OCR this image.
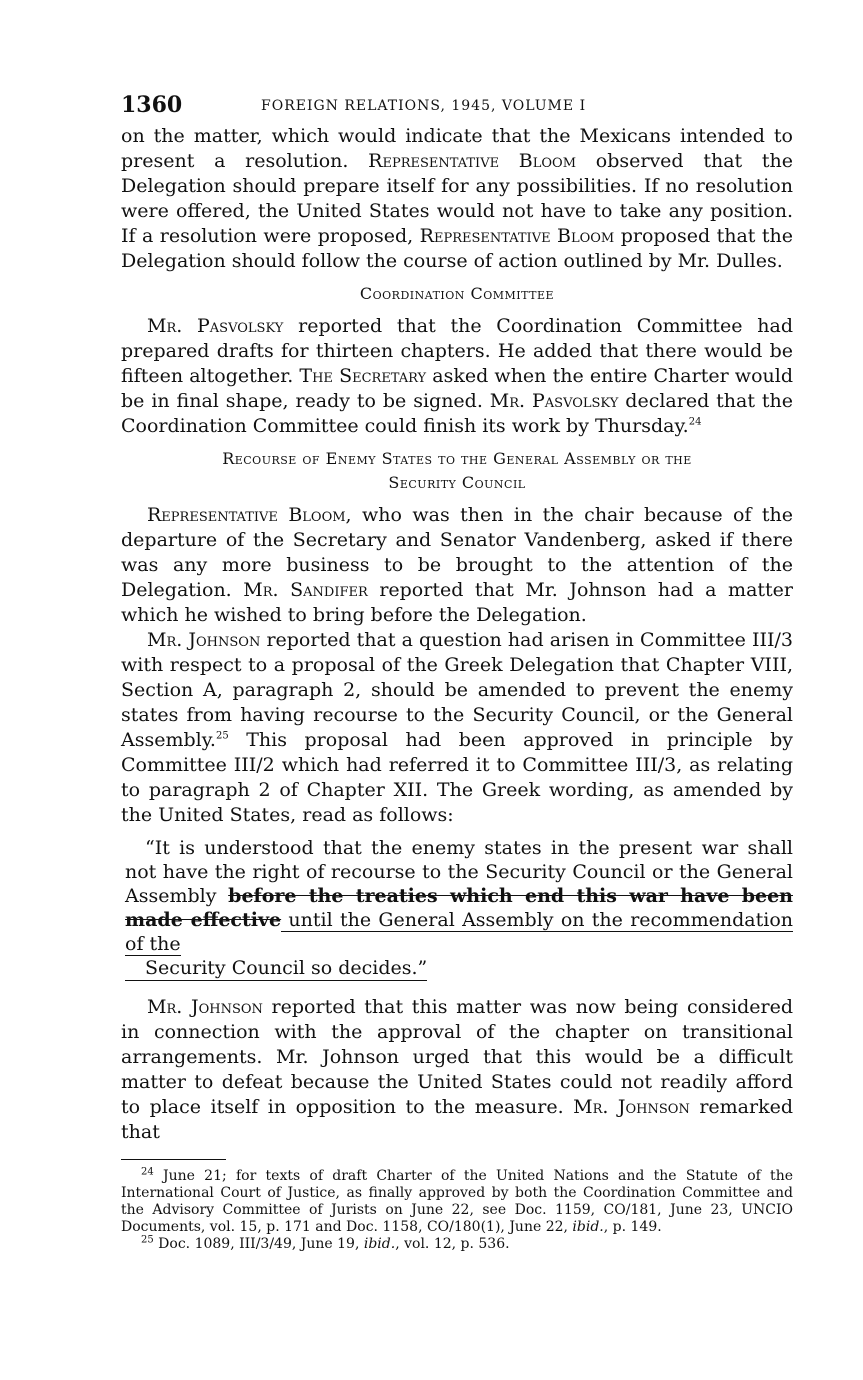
1360	FOREIGN RELATIONS, 1945, VOLUME I

on the matter, which would indicate that the Mexicans intended to present a resolution. Representative Bloom observed that the Delegation should prepare itself for any possibilities. If no resolution were offered, the United States would not have to take any position. If a resolution were proposed, Representative Bloom proposed that the Delegation should follow the course of action outlined by Mr. Dulles.

Coordination Committee

Mr. Pasvolsky reported that the Coordination Committee had prepared drafts for thirteen chapters. He added that there would be fifteen altogether. The Secretary asked when the entire Charter would be in final shape, ready to be signed. Mr. Pasvolsky declared that the Coordination Committee could finish its work by Thursday.$^{24}$

Recourse of Enemy States to the General Assembly or the
Security Council

Representative Bloom, who was then in the chair because of the departure of the Secretary and Senator Vandenberg, asked if there was any more business to be brought to the attention of the Delegation. Mr. Sandifer reported that Mr. Johnson had a matter which he wished to bring before the Delegation.

Mr. Johnson reported that a question had arisen in Committee III/3 with respect to a proposal of the Greek Delegation that Chapter VIII, Section A, paragraph 2, should be amended to prevent the enemy states from having recourse to the Security Council, or the General Assembly.$^{25}$ This proposal had been approved in principle by Committee III/2 which had referred it to Committee III/3, as relating to paragraph 2 of Chapter XII. The Greek wording, as amended by the United States, read as follows:

“It is understood that the enemy states in the present war shall not have the right of recourse to the Security Council or the General Assembly before the treaties which end this war have been made effective until the General Assembly on the recommendation of the
Security Council so decides.”

Mr. Johnson reported that this matter was now being considered in connection with the approval of the chapter on transitional arrangements. Mr. Johnson urged that this would be a difficult matter to defeat because the United States could not readily afford to place itself in opposition to the measure. Mr. Johnson remarked that

$^{24}$ June 21; for texts of draft Charter of the United Nations and the Statute of the International Court of Justice, as finally approved by both the Coordination Committee and the Advisory Committee of Jurists on June 22, see Doc. 1159, CO/181, June 23, UNCIO Documents, vol. 15, p. 171 and Doc. 1158, CO/180(1), June 22, ibid., p. 149.

$^{25}$ Doc. 1089, III/3/49, June 19, ibid., vol. 12, p. 536.
